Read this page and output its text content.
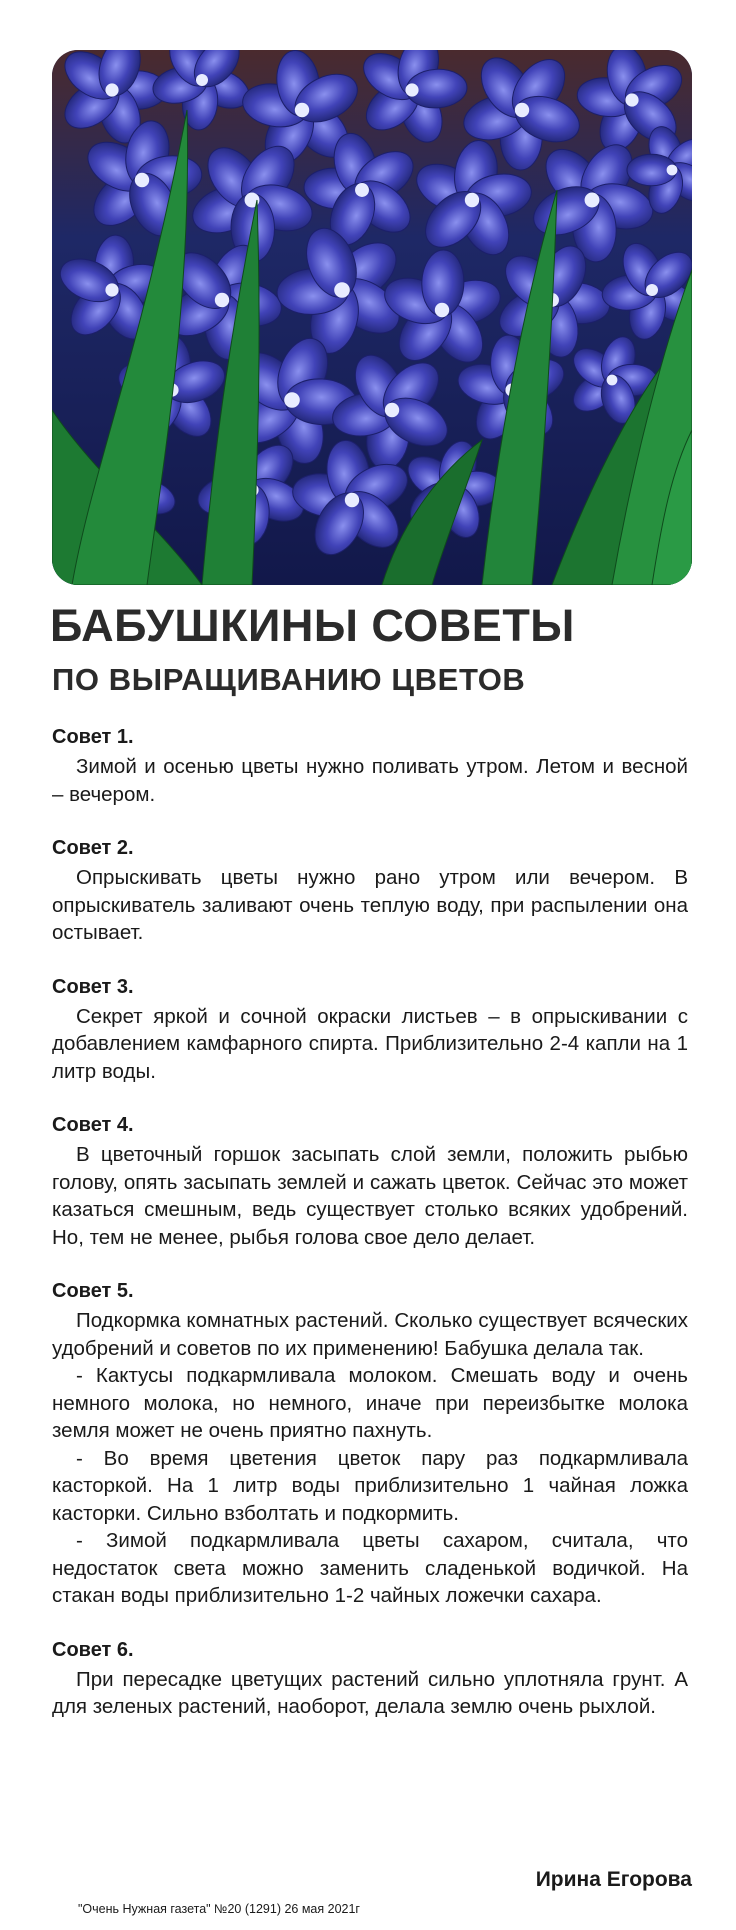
БАБУШКИНЫ СОВЕТЫ
ПО ВЫРАЩИВАНИЮ ЦВЕТОВ
Совет 1.

Зимой и осенью цветы нужно поливать утром. Летом и весной – вечером.

Совет 2.

Опрыскивать цветы нужно рано утром или вечером. В опрыскиватель заливают очень теплую воду, при распылении она остывает.

Совет 3.

Секрет яркой и сочной окраски листьев – в опрыскивании с добавлением камфарного спирта. Приблизительно 2-4 капли на 1 литр воды.

Совет 4.

В цветочный горшок засыпать слой земли, положить рыбью голову, опять засыпать землей и сажать цветок. Сейчас это может казаться смешным, ведь существует столько всяких удобрений. Но, тем не менее, рыбья голова свое дело делает.

Совет 5.

Подкормка комнатных растений. Сколько существует всяческих удобрений и советов по их применению! Бабушка делала так.

- Кактусы подкармливала молоком. Смешать воду и очень немного молока, но немного, иначе при переизбытке молока земля может не очень приятно пахнуть.

- Во время цветения цветок пару раз подкармливала касторкой. На 1 литр воды приблизительно 1 чайная ложка касторки. Сильно взболтать и подкормить.

- Зимой подкармливала цветы сахаром, считала, что недостаток света можно заменить сладенькой водичкой. На стакан воды приблизительно 1-2 чайных ложечки сахара.

Совет 6.

При пересадке цветущих растений сильно уплотняла грунт. А для зеленых растений, наоборот, делала землю очень рыхлой.

Ирина Егорова
"Очень Нужная газета" №20 (1291) 26 мая 2021г
